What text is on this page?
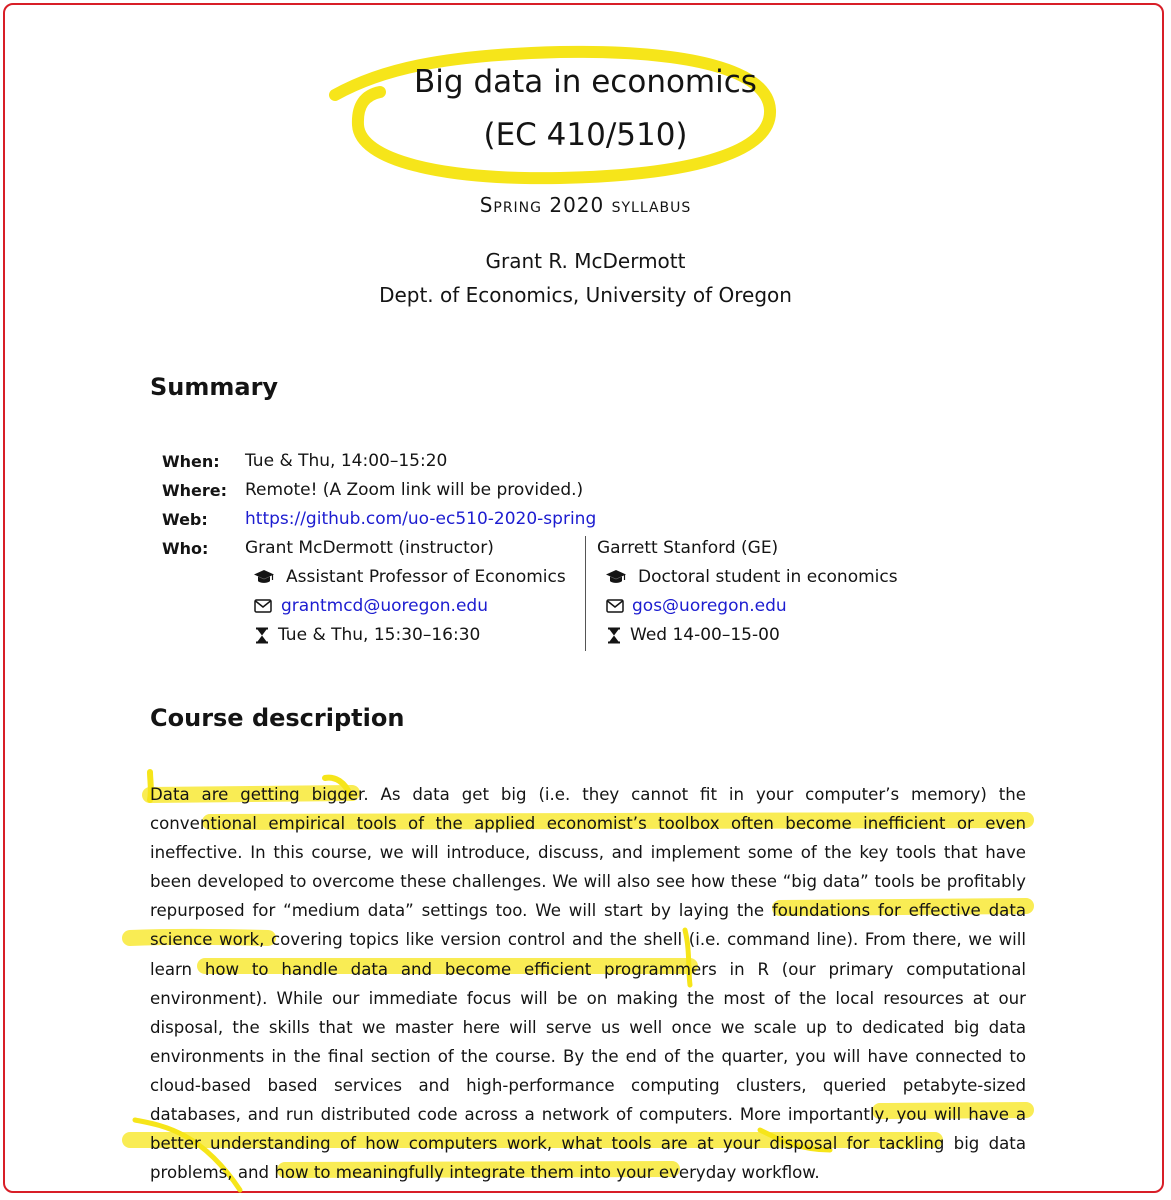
Big data in economics
(EC 410/510)
Spring 2020 syllabus
Grant R. McDermott
Dept. of Economics, University of Oregon
Summary
When: Tue & Thu, 14:00–15:20
Where: Remote! (A Zoom link will be provided.)
Web: https://github.com/uo-ec510-2020-spring
Who: Grant McDermott (instructor)
Assistant Professor of Economics
grantmcd@uoregon.edu
Tue & Thu, 15:30–16:30
Garrett Stanford (GE)
Doctoral student in economics
gos@uoregon.edu
Wed 14-00–15-00
Course description
Data are getting bigger. As data get big (i.e. they cannot fit in your computer’s memory) the conventional empirical tools of the applied economist’s toolbox often become inefficient or even ineffective. In this course, we will introduce, discuss, and implement some of the key tools that have been developed to overcome these challenges. We will also see how these “big data” tools be profitably repurposed for “medium data” settings too. We will start by laying the foundations for effective data science work, covering topics like version control and the shell (i.e. command line). From there, we will learn how to handle data and become efficient programmers in R (our primary computational environment). While our immediate focus will be on making the most of the local resources at our disposal, the skills that we master here will serve us well once we scale up to dedicated big data environments in the final section of the course. By the end of the quarter, you will have connected to cloud-based based services and high-performance computing clusters, queried petabyte-sized databases, and run distributed code across a network of computers. More importantly, you will have a better understanding of how computers work, what tools are at your disposal for tackling big data problems, and how to meaningfully integrate them into your everyday workflow.
